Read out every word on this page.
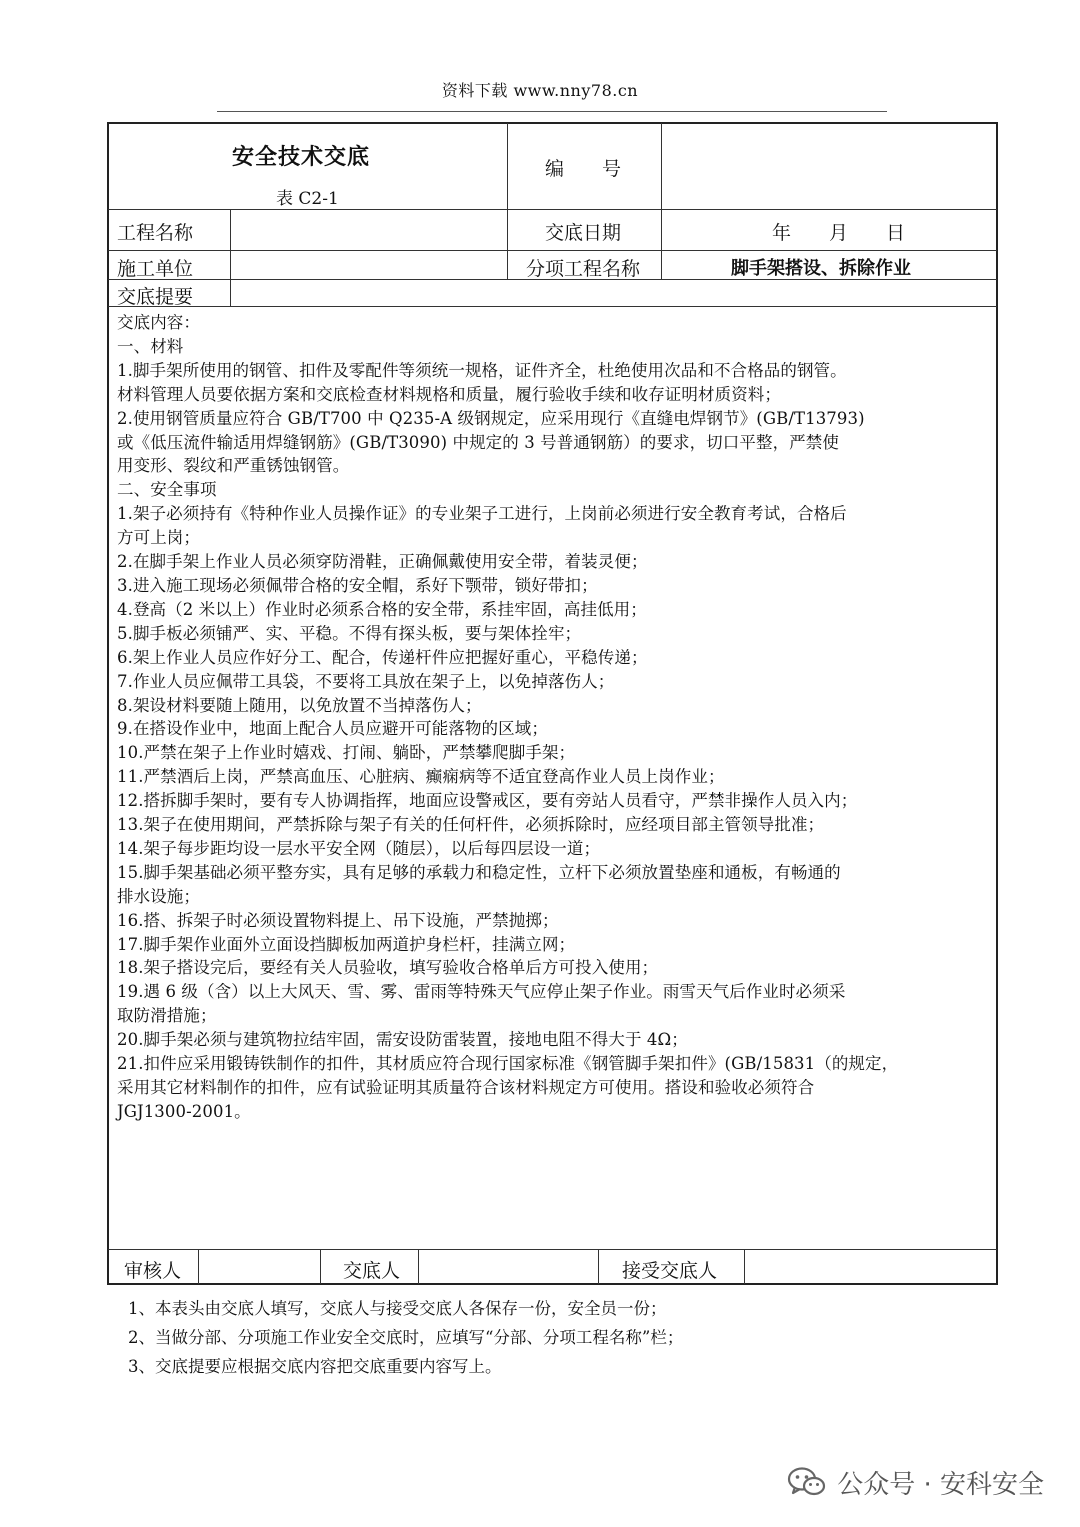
资料下载 www.nny78.cn
安全技术交底
表 C2-1
编　　号
工程名称	交底日期	年　　月　　日
施工单位	分项工程名称	脚手架搭设、拆除作业
交底提要
交底内容：
一、材料
1.脚手架所使用的钢管、扣件及零配件等须统一规格，证件齐全，杜绝使用次品和不合格品的钢管。
材料管理人员要依据方案和交底检查材料规格和质量，履行验收手续和收存证明材质资料；
2.使用钢管质量应符合 GB/T700 中 Q235-A 级钢规定，应采用现行《直缝电焊钢节》(GB/T13793)
或《低压流件输适用焊缝钢筋》(GB/T3090) 中规定的 3 号普通钢筋）的要求，切口平整，严禁使
用变形、裂纹和严重锈蚀钢管。
二、安全事项
1.架子必须持有《特种作业人员操作证》的专业架子工进行，上岗前必须进行安全教育考试，合格后
方可上岗；
2.在脚手架上作业人员必须穿防滑鞋，正确佩戴使用安全带，着装灵便；
3.进入施工现场必须佩带合格的安全帽，系好下颚带，锁好带扣；
4.登高（2 米以上）作业时必须系合格的安全带，系挂牢固，高挂低用；
5.脚手板必须铺严、实、平稳。不得有探头板，要与架体拴牢；
6.架上作业人员应作好分工、配合，传递杆件应把握好重心，平稳传递；
7.作业人员应佩带工具袋，不要将工具放在架子上，以免掉落伤人；
8.架设材料要随上随用，以免放置不当掉落伤人；
9.在搭设作业中，地面上配合人员应避开可能落物的区域；
10.严禁在架子上作业时嬉戏、打闹、躺卧，严禁攀爬脚手架；
11.严禁酒后上岗，严禁高血压、心脏病、癫痫病等不适宜登高作业人员上岗作业；
12.搭拆脚手架时，要有专人协调指挥，地面应设警戒区，要有旁站人员看守，严禁非操作人员入内；
13.架子在使用期间，严禁拆除与架子有关的任何杆件，必须拆除时，应经项目部主管领导批准；
14.架子每步距均设一层水平安全网（随层），以后每四层设一道；
15.脚手架基础必须平整夯实，具有足够的承载力和稳定性，立杆下必须放置垫座和通板，有畅通的
排水设施；
16.搭、拆架子时必须设置物料提上、吊下设施，严禁抛掷；
17.脚手架作业面外立面设挡脚板加两道护身栏杆，挂满立网；
18.架子搭设完后，要经有关人员验收，填写验收合格单后方可投入使用；
19.遇 6 级（含）以上大风天、雪、雾、雷雨等特殊天气应停止架子作业。雨雪天气后作业时必须采
取防滑措施；
20.脚手架必须与建筑物拉结牢固，需安设防雷装置，接地电阻不得大于 4Ω；
21.扣件应采用锻铸铁制作的扣件，其材质应符合现行国家标准《钢管脚手架扣件》(GB/15831（的规定，
采用其它材料制作的扣件，应有试验证明其质量符合该材料规定方可使用。搭设和验收必须符合
JGJ1300-2001。
审核人	交底人	接受交底人
1、本表头由交底人填写，交底人与接受交底人各保存一份，安全员一份；
2、当做分部、分项施工作业安全交底时，应填写“分部、分项工程名称”栏；
3、交底提要应根据交底内容把交底重要内容写上。
公众号 · 安科安全
